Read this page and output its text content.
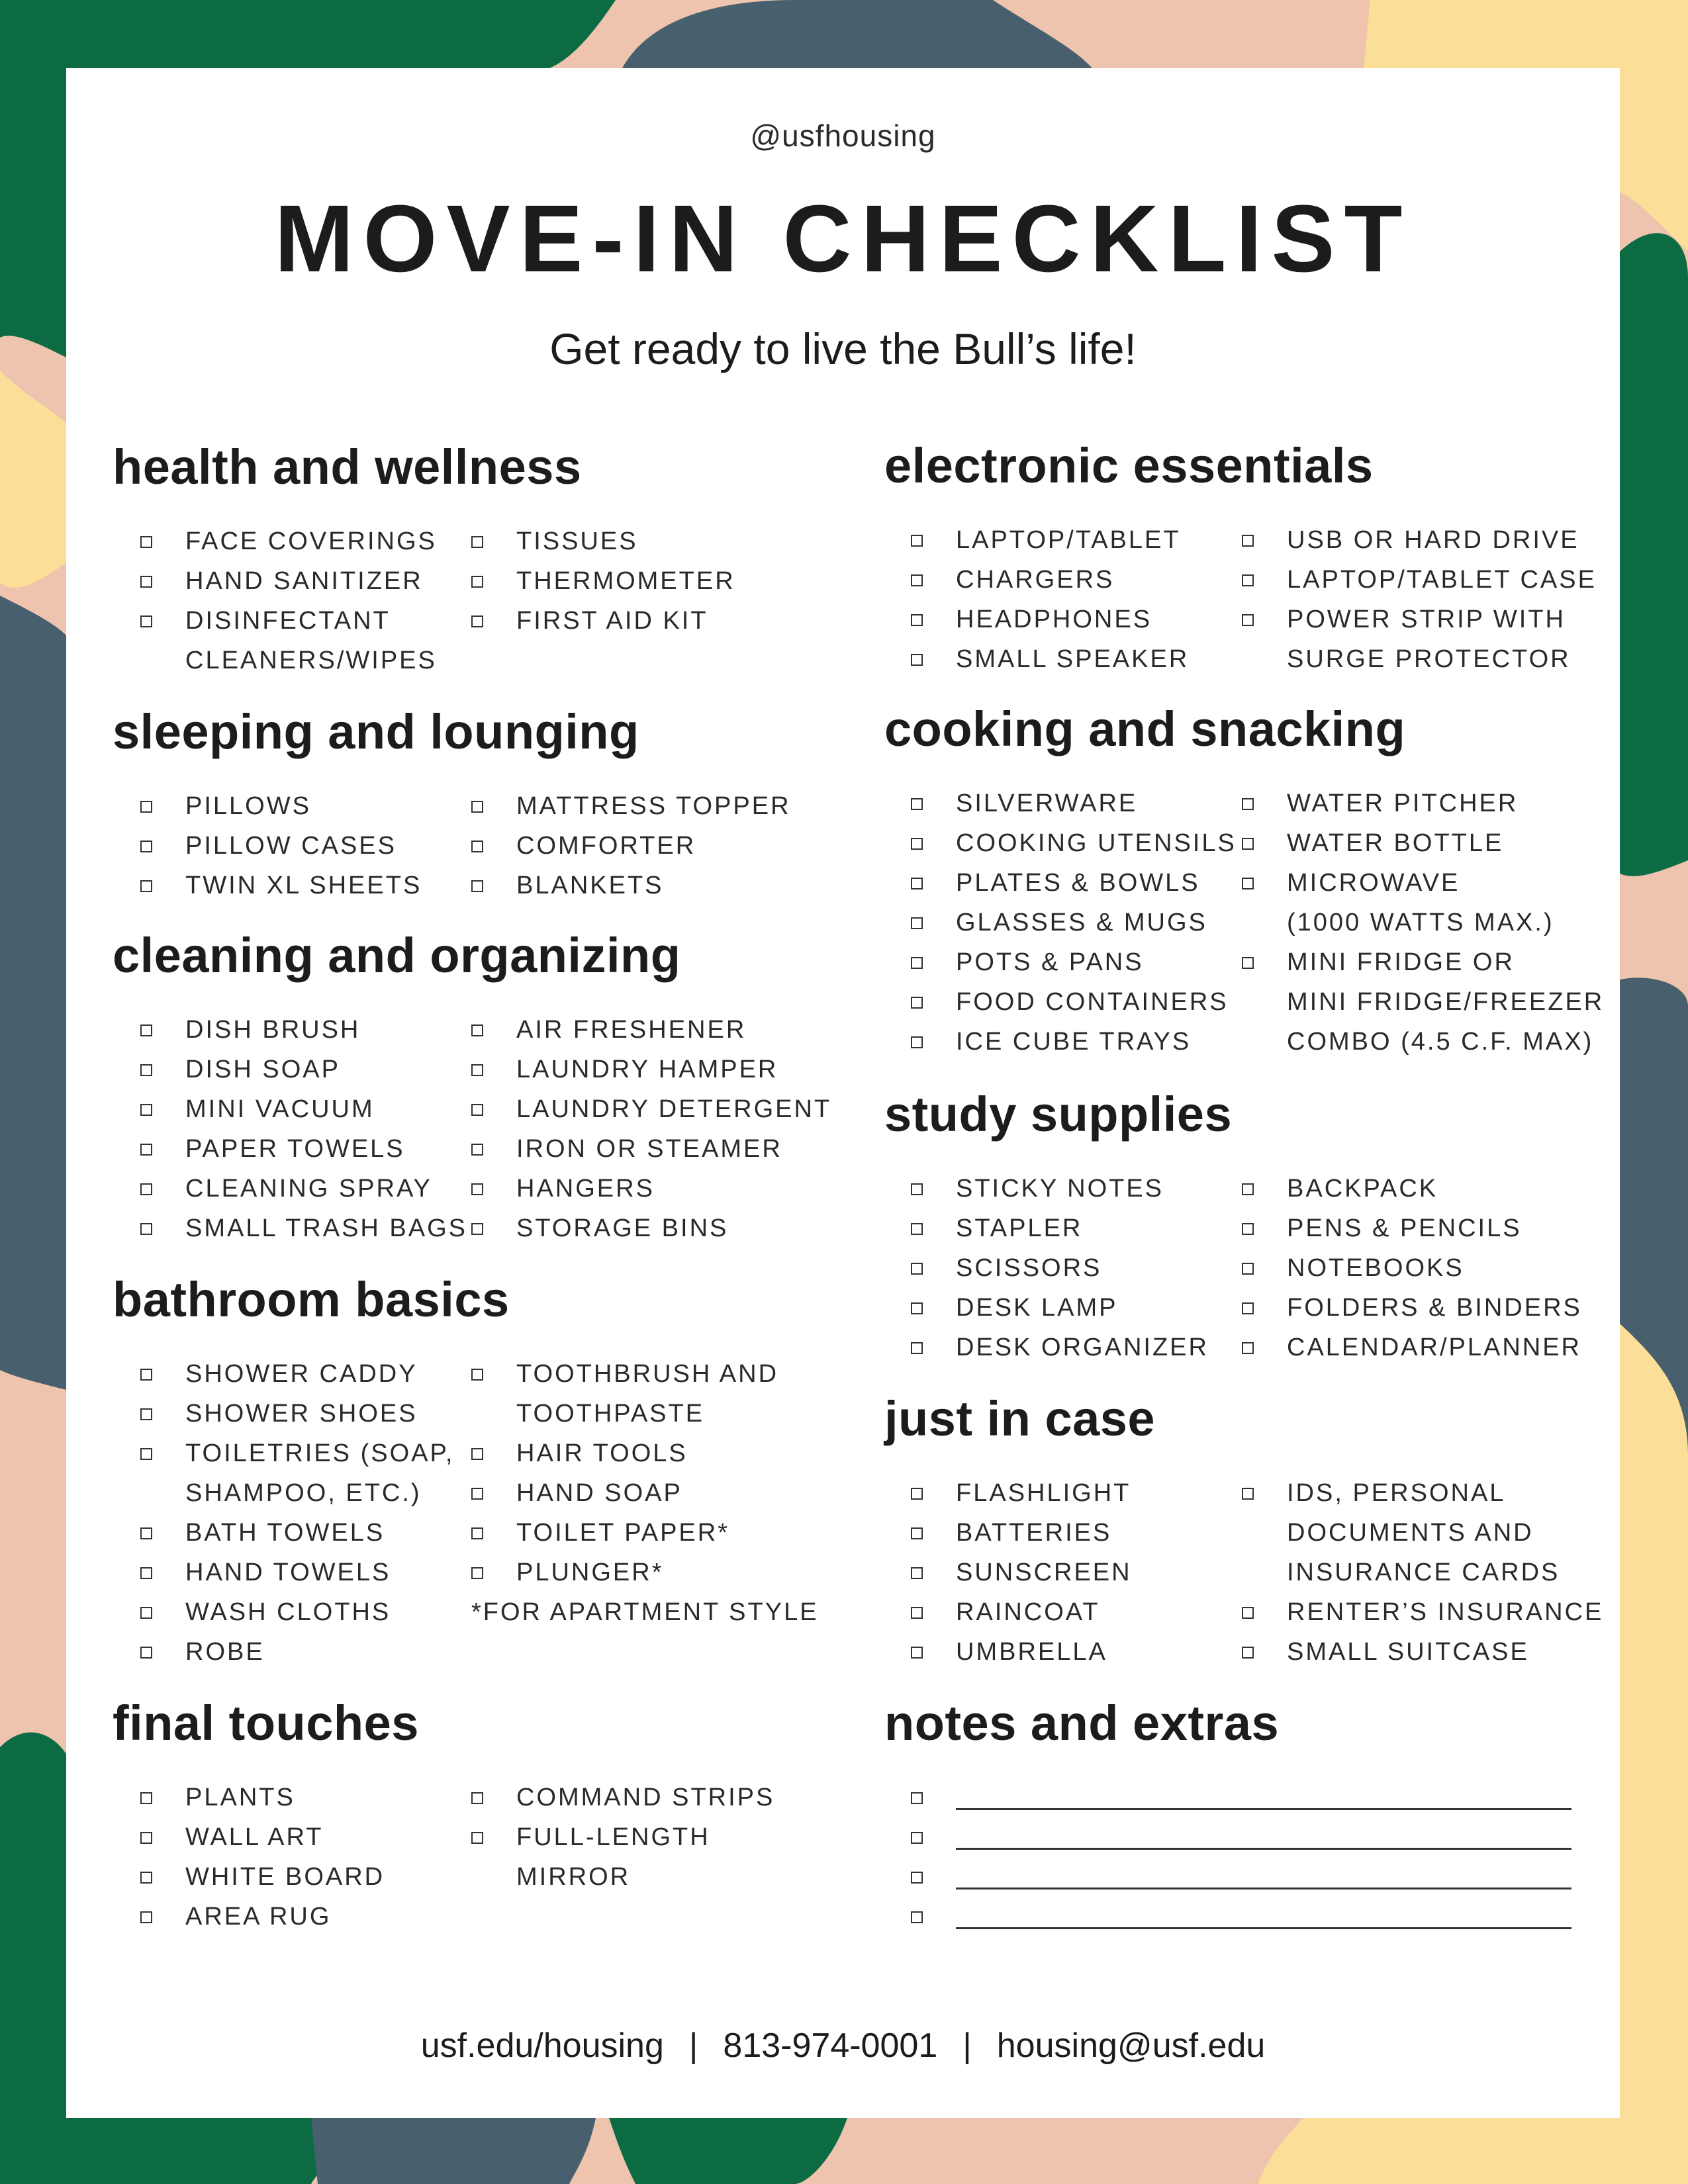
@usfhousing
MOVE-IN CHECKLIST
Get ready to live the Bull’s life!
health and wellness
FACE COVERINGS
HAND SANITIZER
DISINFECTANT
CLEANERS/WIPES
TISSUES
THERMOMETER
FIRST AID KIT
sleeping and lounging
PILLOWS
PILLOW CASES
TWIN XL SHEETS
MATTRESS TOPPER
COMFORTER
BLANKETS
cleaning and organizing
DISH BRUSH
DISH SOAP
MINI VACUUM
PAPER TOWELS
CLEANING SPRAY
SMALL TRASH BAGS
AIR FRESHENER
LAUNDRY HAMPER
LAUNDRY DETERGENT
IRON OR STEAMER
HANGERS
STORAGE BINS
bathroom basics
SHOWER CADDY
SHOWER SHOES
TOILETRIES (SOAP,
SHAMPOO, ETC.)
BATH TOWELS
HAND TOWELS
WASH CLOTHS
ROBE
TOOTHBRUSH AND
TOOTHPASTE
HAIR TOOLS
HAND SOAP
TOILET PAPER*
PLUNGER*
*FOR APARTMENT STYLE
final touches
PLANTS
WALL ART
WHITE BOARD
AREA RUG
COMMAND STRIPS
FULL-LENGTH
MIRROR
electronic essentials
LAPTOP/TABLET
CHARGERS
HEADPHONES
SMALL SPEAKER
USB OR HARD DRIVE
LAPTOP/TABLET CASE
POWER STRIP WITH
SURGE PROTECTOR
cooking and snacking
SILVERWARE
COOKING UTENSILS
PLATES & BOWLS
GLASSES & MUGS
POTS & PANS
FOOD CONTAINERS
ICE CUBE TRAYS
WATER PITCHER
WATER BOTTLE
MICROWAVE
(1000 WATTS MAX.)
MINI FRIDGE OR
MINI FRIDGE/FREEZER
COMBO (4.5 C.F. MAX)
study supplies
STICKY NOTES
STAPLER
SCISSORS
DESK LAMP
DESK ORGANIZER
BACKPACK
PENS & PENCILS
NOTEBOOKS
FOLDERS & BINDERS
CALENDAR/PLANNER
just in case
FLASHLIGHT
BATTERIES
SUNSCREEN
RAINCOAT
UMBRELLA
IDS, PERSONAL
DOCUMENTS AND
INSURANCE CARDS
RENTER’S INSURANCE
SMALL SUITCASE
notes and extras
usf.edu/housing | 813-974-0001 | housing@usf.edu
